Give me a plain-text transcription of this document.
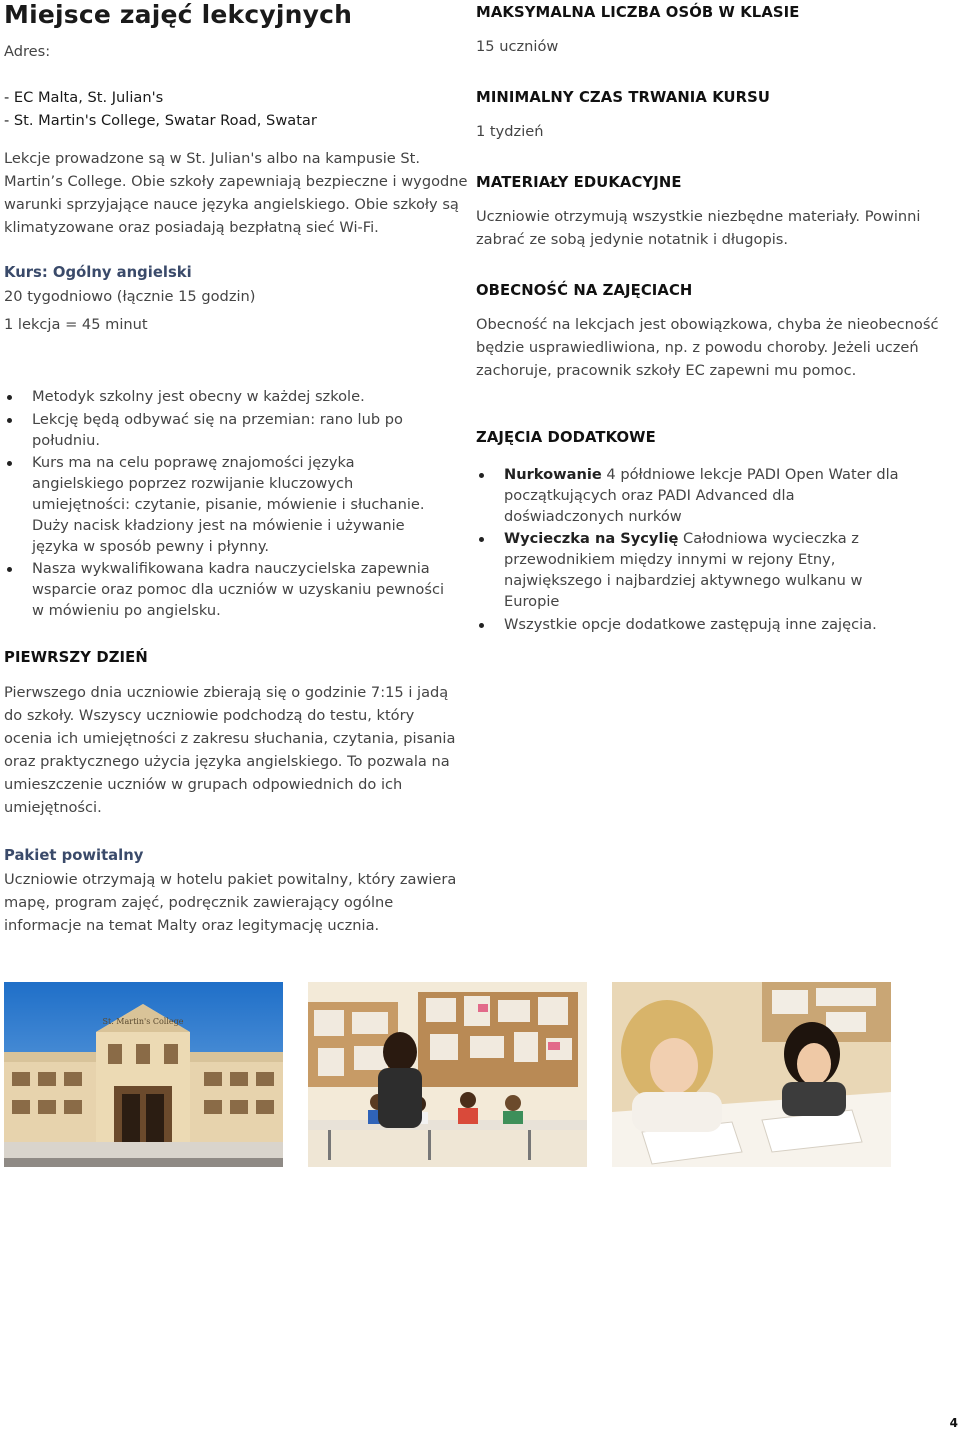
Miejsce zajęć lekcyjnych

Adres:

- EC Malta, St. Julian's

- St. Martin's College, Swatar Road, Swatar

Lekcje prowadzone są w St. Julian's albo na kampusie St.

Martin’s College. Obie szkoły zapewniają bezpieczne i wygodne

warunki sprzyjające nauce języka angielskiego. Obie szkoły są

klimatyzowane oraz posiadają bezpłatną sieć Wi-Fi.

Kurs: Ogólny angielski

20 tygodniowo (łącznie 15 godzin)

1 lekcja = 45 minut

Metodyk szkolny jest obecny w każdej szkole.
Lekcję będą odbywać się na przemian: rano lub po południu.
Kurs ma na celu poprawę znajomości języka angielskiego poprzez rozwijanie kluczowych umiejętności: czytanie, pisanie, mówienie i słuchanie. Duży nacisk kładziony jest na mówienie i używanie języka w sposób pewny i płynny.
Nasza wykwalifikowana kadra nauczycielska zapewnia wsparcie oraz pomoc dla uczniów w uzyskaniu pewności w mówieniu po angielsku.

MAKSYMALNA LICZBA OSÓB W KLASIE

15 uczniów

MINIMALNY CZAS TRWANIA KURSU

1 tydzień

MATERIAŁY EDUKACYJNE

Uczniowie otrzymują wszystkie niezbędne materiały. Powinni

zabrać ze sobą jedynie notatnik i długopis.

OBECNOŚĆ NA ZAJĘCIACH

Obecność na lekcjach jest obowiązkowa, chyba że nieobecność

będzie usprawiedliwiona, np. z powodu choroby. Jeżeli uczeń

zachoruje, pracownik szkoły EC zapewni mu pomoc.

ZAJĘCIA DODATKOWE

Nurkowanie 4 półdniowe lekcje PADI Open Water dla początkujących oraz PADI Advanced dla doświadczonych nurków
Wycieczka na Sycylię Całodniowa wycieczka z przewodnikiem między innymi w rejony Etny, największego i najbardziej aktywnego wulkanu w Europie
Wszystkie opcje dodatkowe zastępują inne zajęcia.

PIEWRSZY DZIEŃ

Pierwszego dnia uczniowie zbierają się o godzinie 7:15 i jadą

do szkoły. Wszyscy uczniowie podchodzą do testu, który

ocenia ich umiejętności z zakresu słuchania, czytania, pisania

oraz praktycznego użycia języka angielskiego. To pozwala na

umieszczenie uczniów w grupach odpowiednich do ich

umiejętności.

Pakiet powitalny

Uczniowie otrzymają w hotelu pakiet powitalny, który zawiera

mapę, program zajęć, podręcznik zawierający ogólne

informacje na temat Malty oraz legitymację ucznia.

St. Martin's College
4
